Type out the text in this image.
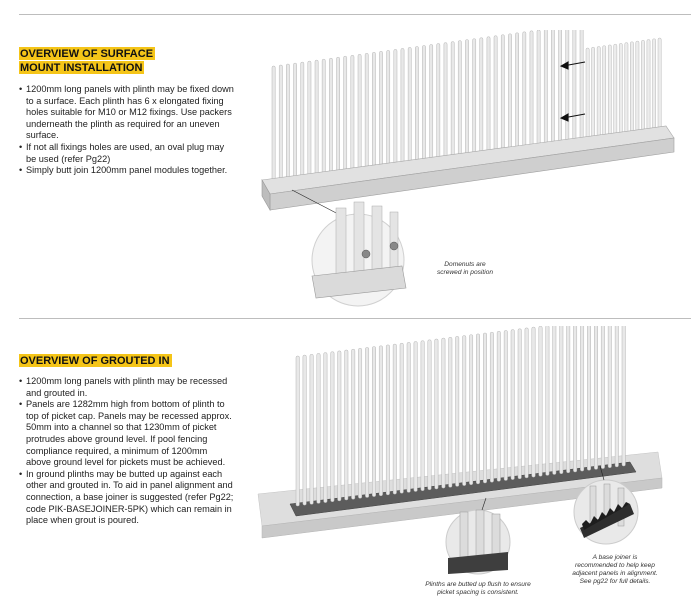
OVERVIEW OF SURFACE
MOUNT INSTALLATION
• 1200mm long panels with plinth may be fixed down to a surface. Each plinth has 6 x elongated fixing holes suitable for M10 or M12 fixings. Use packers underneath the plinth as required for an uneven surface.
• If not all fixings holes are used, an oval plug may be used (refer Pg22)
• Simply butt join 1200mm panel modules together.
Domenuts are
screwed in position
OVERVIEW OF GROUTED IN
• 1200mm long panels with plinth may be recessed and grouted in.
• Panels are 1282mm high from bottom of plinth to top of picket cap. Panels may be recessed approx. 50mm into a channel so that 1230mm of picket protrudes above ground level. If pool fencing compliance required, a minimum of 1200mm above ground level for pickets must be achieved.
• In ground plinths may be butted up against each other and grouted in. To aid in panel alignment and connection, a base joiner is suggested (refer Pg22; code PIK-BASEJOINER-5PK) which can remain in place when grout is poured.
Plinths are butted up flush to ensure
picket spacing is consistent.
A base joiner is
recommended to help keep
adjacent panels in alignment.
See pg22 for full details.
